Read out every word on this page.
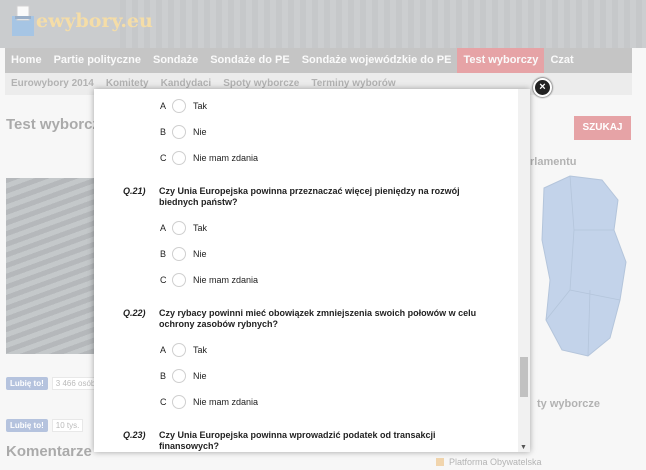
A	Tak
B	Nie
C	Nie mam zdania
Q.21)	Czy Unia Europejska powinna przeznaczać więcej pieniędzy na rozwój biednych państw?
A	Tak
B	Nie
C	Nie mam zdania
Q.22)	Czy rybacy powinni mieć obowiązek zmniejszenia swoich połowów w celu ochrony zasobów rybnych?
A	Tak
B	Nie
C	Nie mam zdania
Q.23)	Czy Unia Europejska powinna wprowadzić podatek od transakcji finansowych?	▼
×
